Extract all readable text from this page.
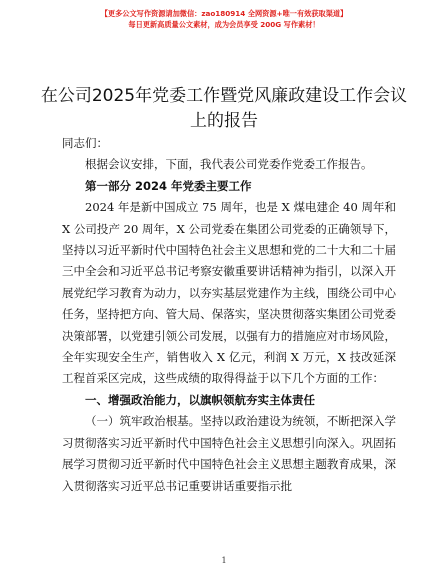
【更多公文写作资源请加微信：zao180914 全网资源+唯一有效获取渠道】
每日更新高质量公文素材，成为会员享受 200G 写作素材！
在公司2025年党委工作暨党风廉政建设工作会议上的报告

同志们：

根据会议安排，下面，我代表公司党委作党委工作报告。

第一部分 2024 年党委主要工作

2024 年是新中国成立 75 周年，也是 X 煤电建企 40 周年和 X 公司投产 20 周年，X 公司党委在集团公司党委的正确领导下，坚持以习近平新时代中国特色社会主义思想和党的二十大和二十届三中全会和习近平总书记考察安徽重要讲话精神为指引，以深入开展党纪学习教育为动力，以夯实基层党建作为主线，围绕公司中心任务，坚持把方向、管大局、保落实，坚决贯彻落实集团公司党委决策部署，以党建引领公司发展，以强有力的措施应对市场风险，全年实现安全生产，销售收入 X 亿元，利润 X 万元，X 技改延深工程首采区完成，这些成绩的取得得益于以下几个方面的工作：

一、增强政治能力，以旗帜领航夯实主体责任

（一）筑牢政治根基。坚持以政治建设为统领，不断把深入学习贯彻落实习近平新时代中国特色社会主义思想引向深入。巩固拓展学习贯彻习近平新时代中国特色社会主义思想主题教育成果，深入贯彻落实习近平总书记重要讲话重要指示批

1
